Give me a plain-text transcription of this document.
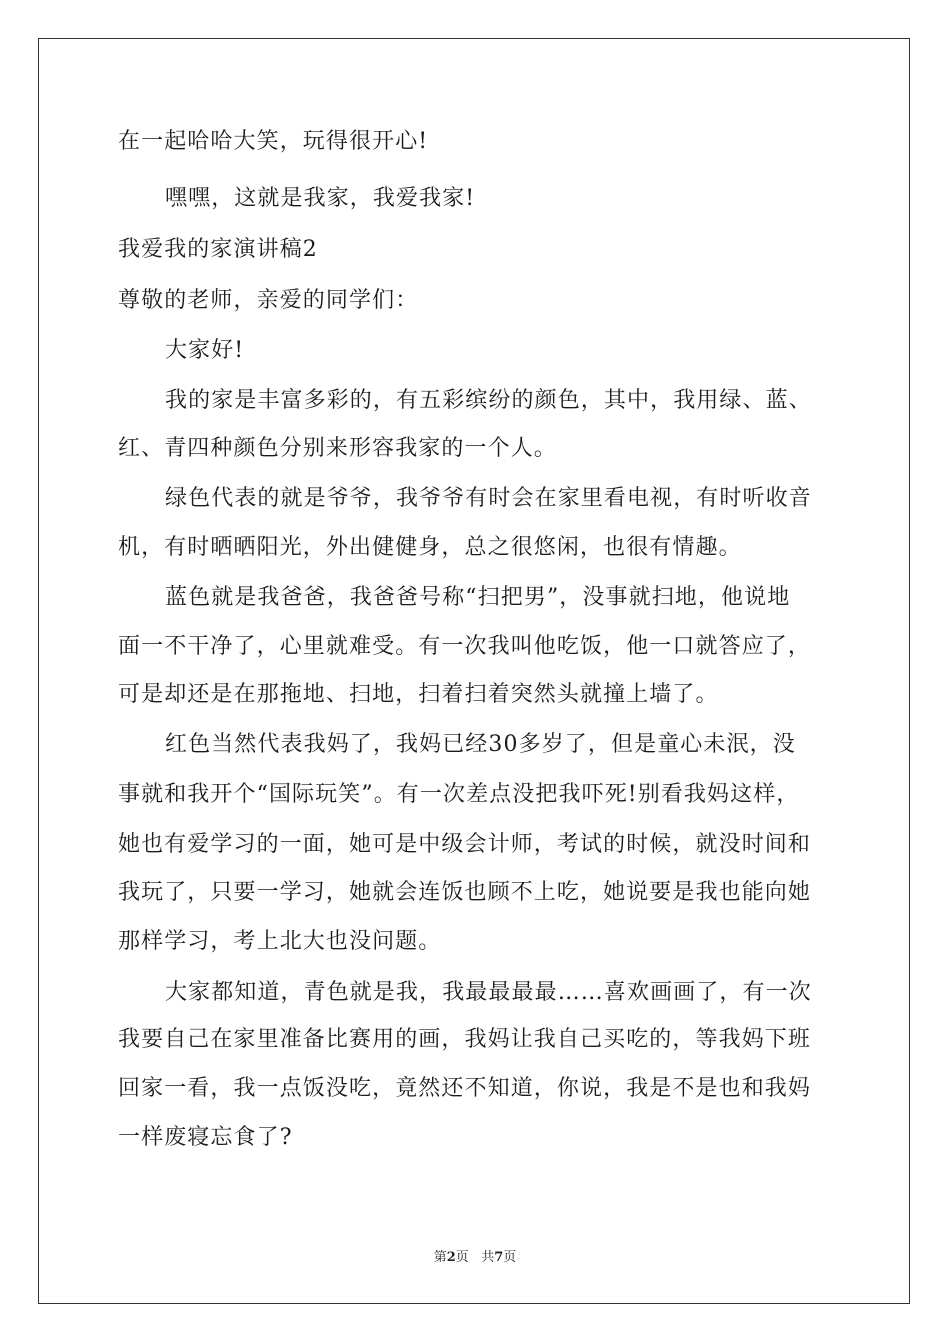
在一起哈哈大笑，玩得很开心!
嘿嘿，这就是我家，我爱我家!
我爱我的家演讲稿2
尊敬的老师，亲爱的同学们：
大家好!
我的家是丰富多彩的，有五彩缤纷的颜色，其中，我用绿、蓝、
红、青四种颜色分别来形容我家的一个人。
绿色代表的就是爷爷，我爷爷有时会在家里看电视，有时听收音
机，有时晒晒阳光，外出健健身，总之很悠闲，也很有情趣。
蓝色就是我爸爸，我爸爸号称“扫把男”，没事就扫地，他说地
面一不干净了，心里就难受。有一次我叫他吃饭，他一口就答应了，
可是却还是在那拖地、扫地，扫着扫着突然头就撞上墙了。
红色当然代表我妈了，我妈已经30多岁了，但是童心未泯，没
事就和我开个“国际玩笑”。有一次差点没把我吓死!别看我妈这样，
她也有爱学习的一面，她可是中级会计师，考试的时候，就没时间和
我玩了，只要一学习，她就会连饭也顾不上吃，她说要是我也能向她
那样学习，考上北大也没问题。
大家都知道，青色就是我，我最最最最……喜欢画画了，有一次
我要自己在家里准备比赛用的画，我妈让我自己买吃的，等我妈下班
回家一看，我一点饭没吃，竟然还不知道，你说，我是不是也和我妈
一样废寝忘食了?
第2页 共7页
